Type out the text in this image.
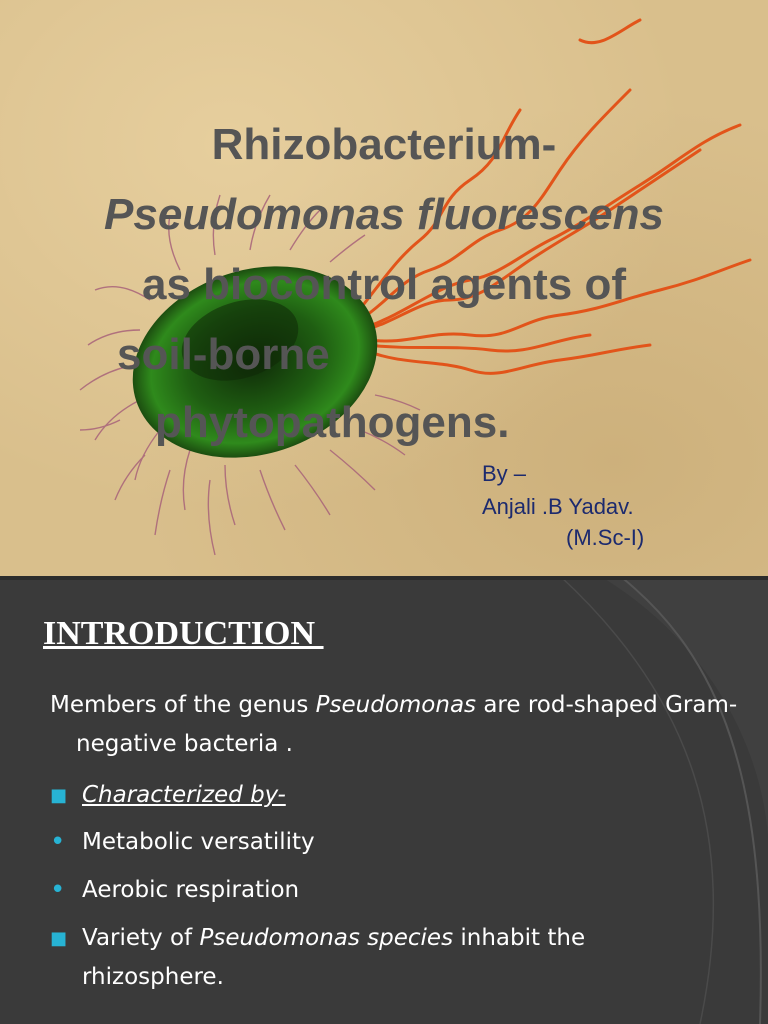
Rhizobacterium-
Pseudomonas fluorescens
as biocontrol agents of
soil-borne
phytopathogens.
By –
Anjali .B Yadav.
(M.Sc-I)
INTRODUCTION

Members of the genus Pseudomonas are rod-shaped Gram-negative bacteria .

■ Characterized by-
• Metabolic versatility
• Aerobic respiration
■ Variety of Pseudomonas species inhabit the rhizosphere.
